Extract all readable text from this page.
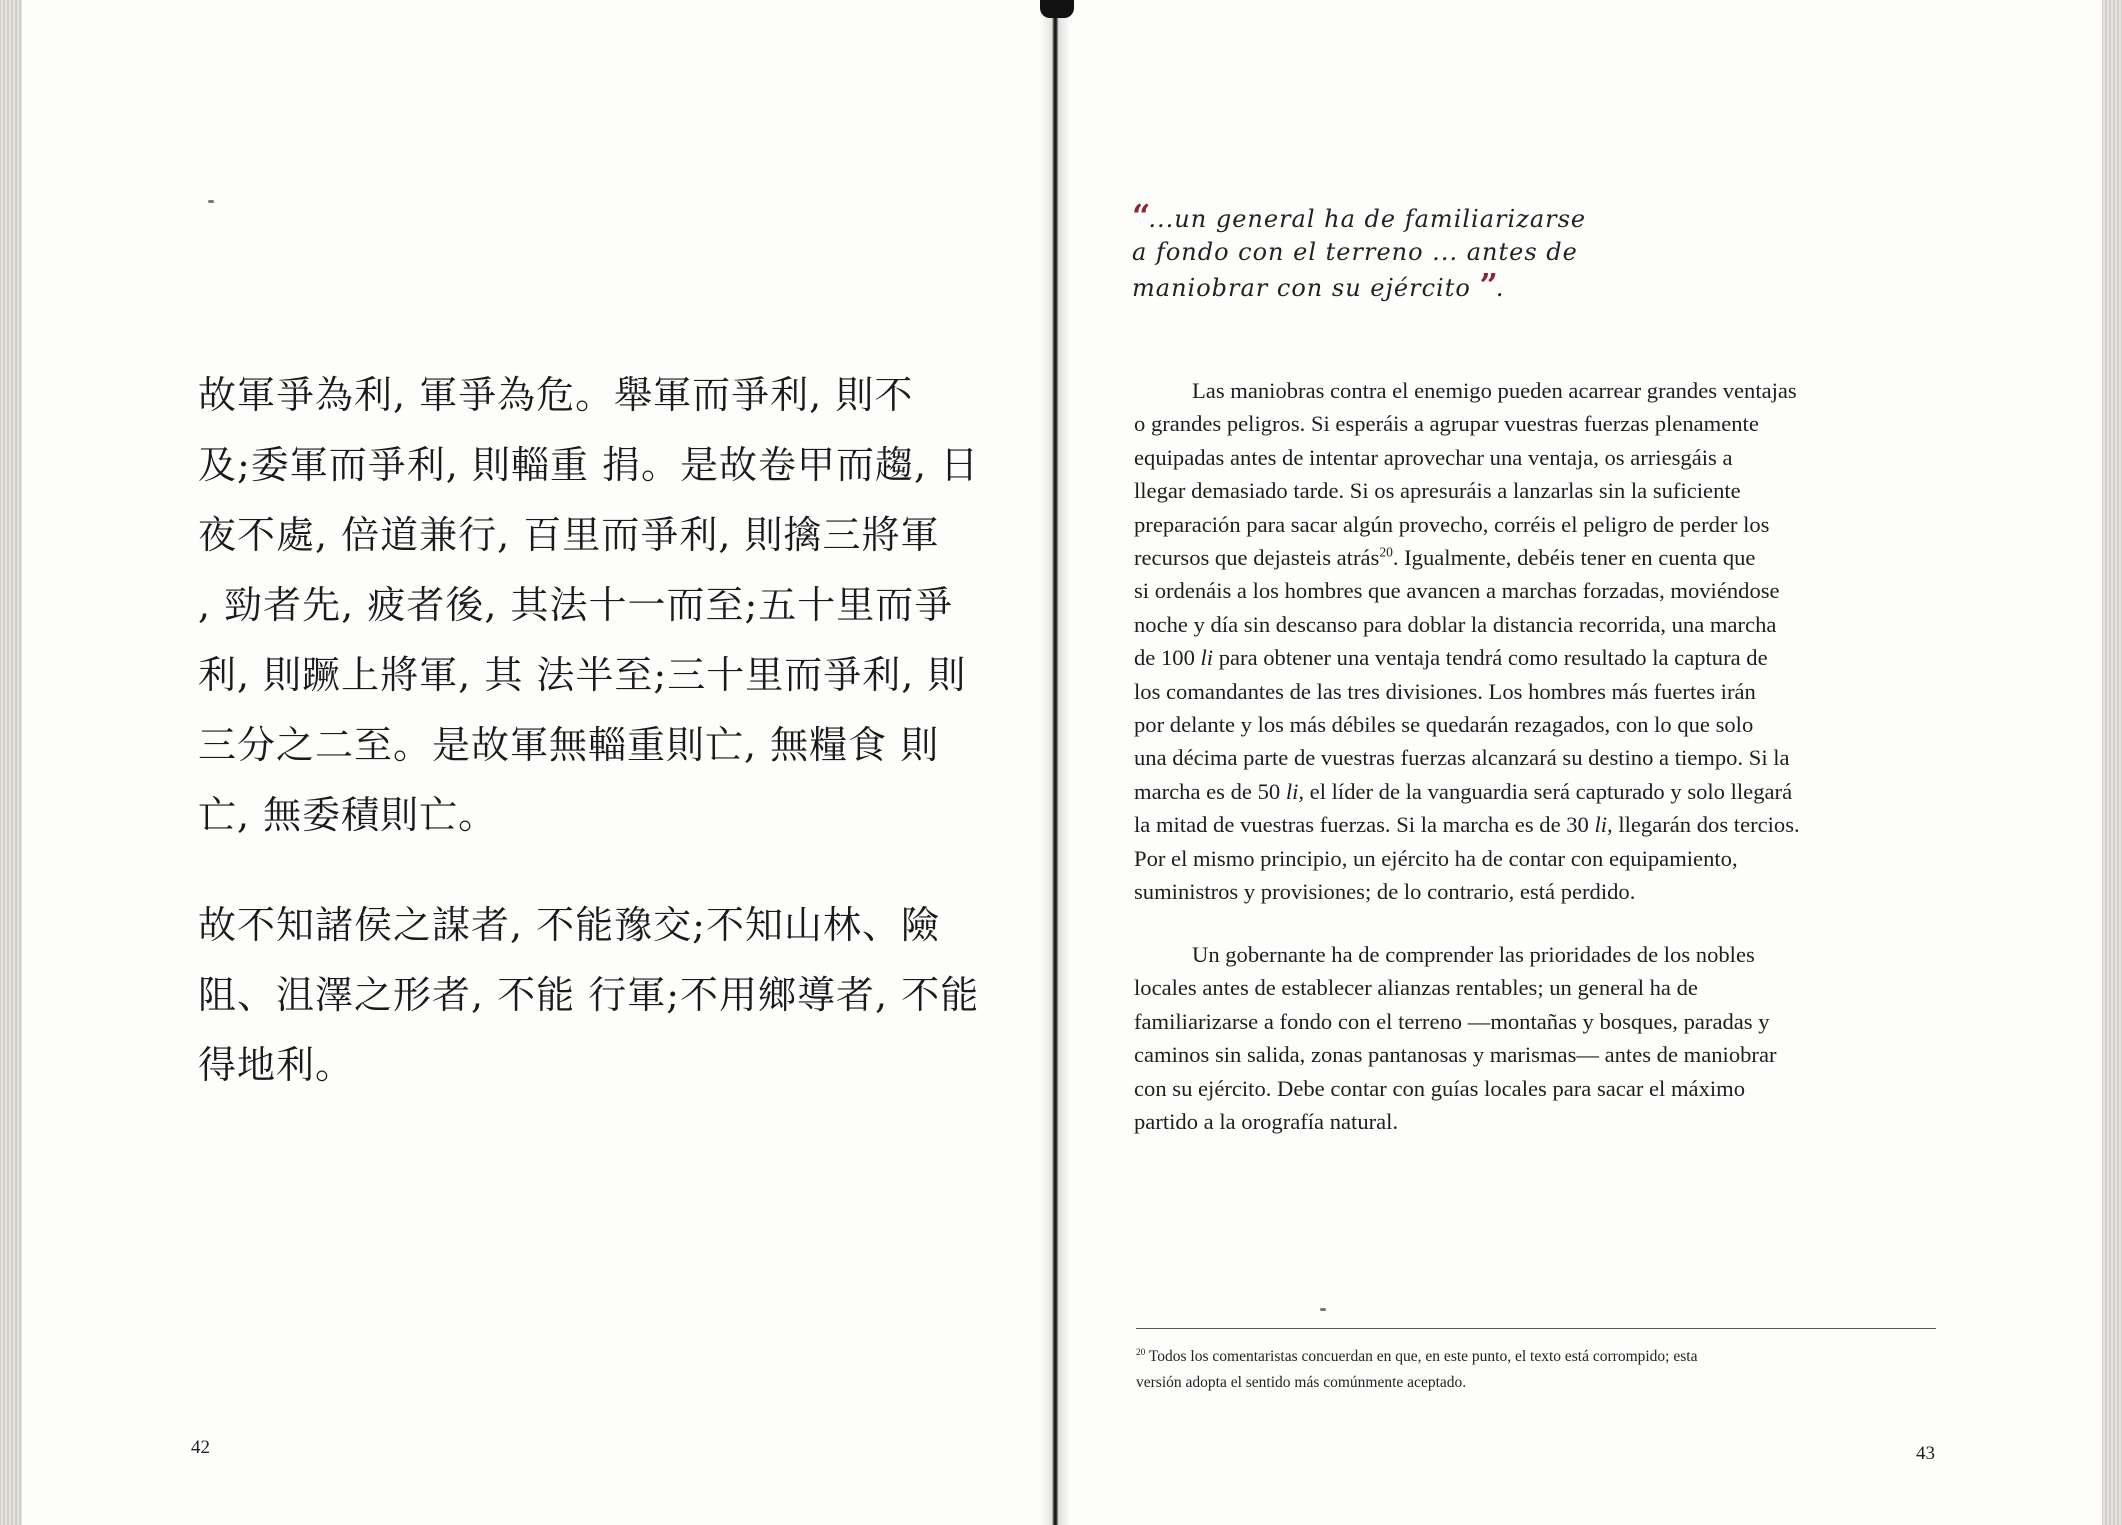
故軍爭為利, 軍爭為危。舉軍而爭利, 則不
及;委軍而爭利, 則輜重 捐。是故卷甲而趨, 日
夜不處, 倍道兼行, 百里而爭利, 則擒三將軍
, 勁者先, 疲者後, 其法十一而至;五十里而爭
利, 則蹶上將軍, 其 法半至;三十里而爭利, 則
三分之二至。是故軍無輜重則亡, 無糧食 則
亡, 無委積則亡。
故不知諸侯之謀者, 不能豫交;不知山林、險
阻、沮澤之形者, 不能 行軍;不用鄉導者, 不能
得地利。
42
“...un general ha de familiarizarse
a fondo con el terreno ... antes de
maniobrar con su ejército ”.
Las maniobras contra el enemigo pueden acarrear grandes ventajas
o grandes peligros. Si esperáis a agrupar vuestras fuerzas plenamente
equipadas antes de intentar aprovechar una ventaja, os arriesgáis a
llegar demasiado tarde. Si os apresuráis a lanzarlas sin la suficiente
preparación para sacar algún provecho, corréis el peligro de perder los
recursos que dejasteis atrás$^{20}$. Igualmente, debéis tener en cuenta que
si ordenáis a los hombres que avancen a marchas forzadas, moviéndose
noche y día sin descanso para doblar la distancia recorrida, una marcha
de 100 li para obtener una ventaja tendrá como resultado la captura de
los comandantes de las tres divisiones. Los hombres más fuertes irán
por delante y los más débiles se quedarán rezagados, con lo que solo
una décima parte de vuestras fuerzas alcanzará su destino a tiempo. Si la
marcha es de 50 li, el líder de la vanguardia será capturado y solo llegará
la mitad de vuestras fuerzas. Si la marcha es de 30 li, llegarán dos tercios.
Por el mismo principio, un ejército ha de contar con equipamiento,
suministros y provisiones; de lo contrario, está perdido.
Un gobernante ha de comprender las prioridades de los nobles
locales antes de establecer alianzas rentables; un general ha de
familiarizarse a fondo con el terreno —montañas y bosques, paradas y
caminos sin salida, zonas pantanosas y marismas— antes de maniobrar
con su ejército. Debe contar con guías locales para sacar el máximo
partido a la orografía natural.
$^{20}$ Todos los comentaristas concuerdan en que, en este punto, el texto está corrompido; esta
versión adopta el sentido más comúnmente aceptado.
43
